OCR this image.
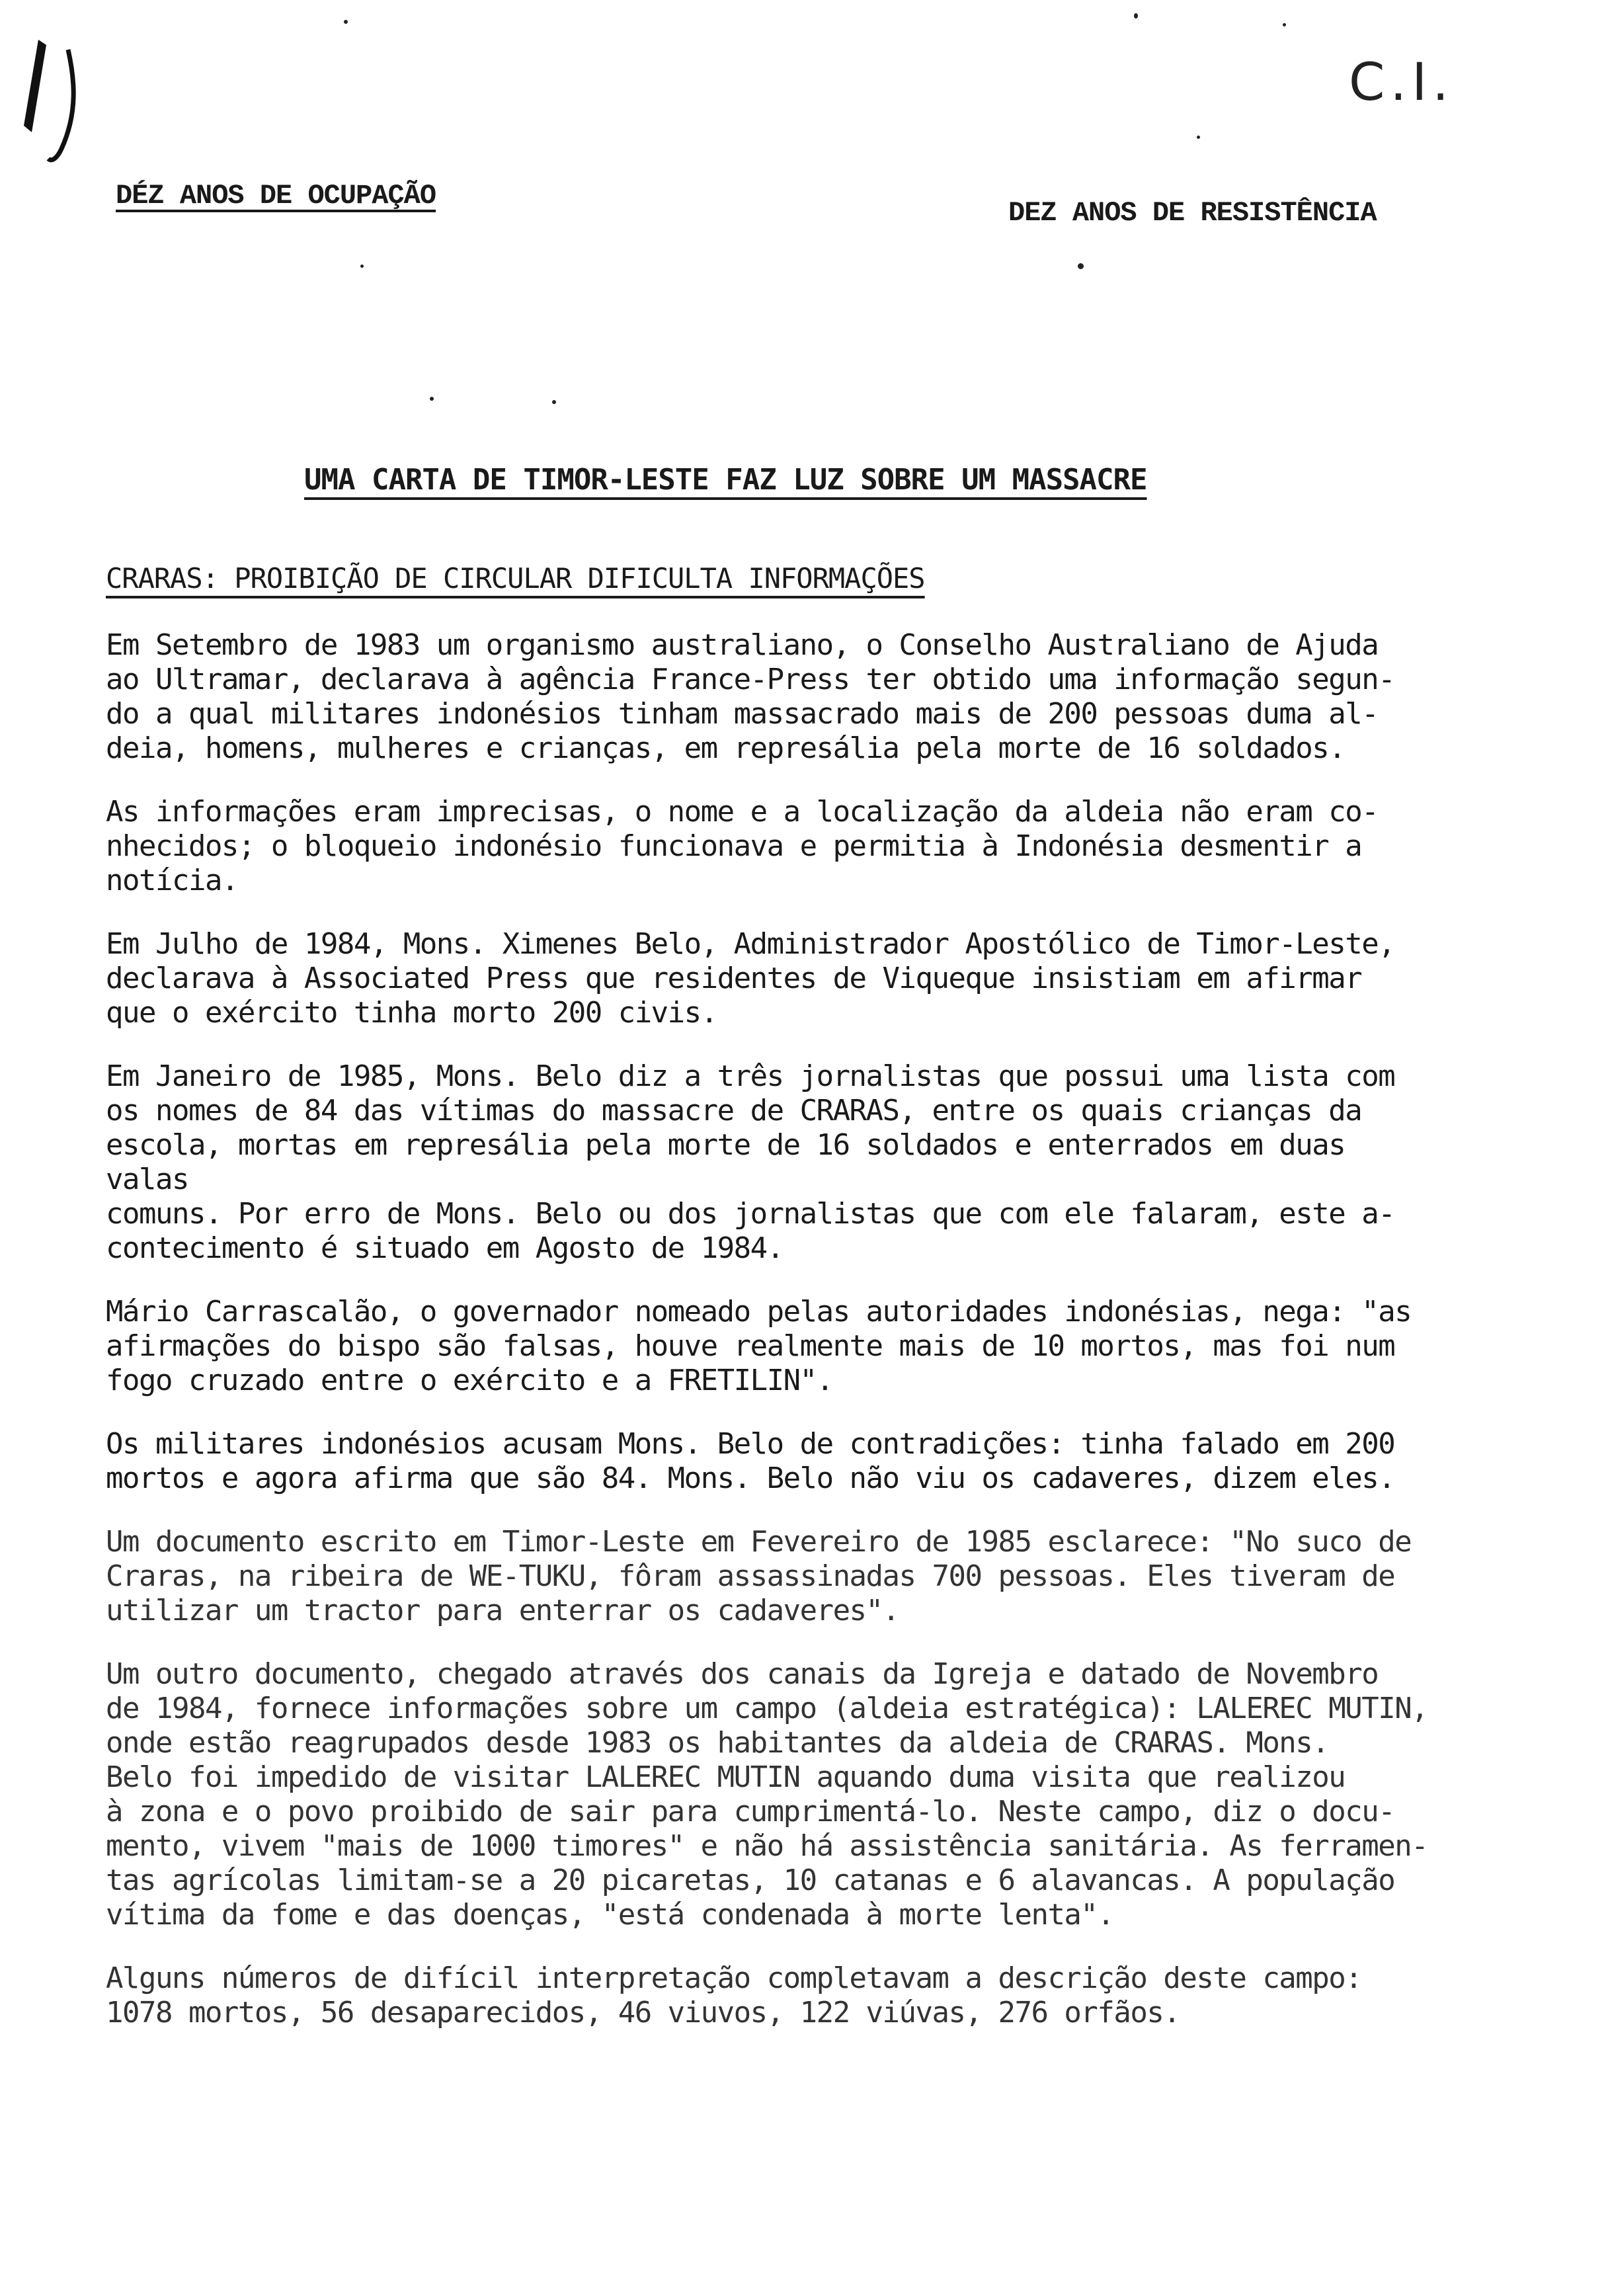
C.I.
DÉZ ANOS DE OCUPAÇÃO
DEZ ANOS DE RESISTÊNCIA
UMA CARTA DE TIMOR-LESTE FAZ LUZ SOBRE UM MASSACRE
CRARAS: PROIBIÇÃO DE CIRCULAR DIFICULTA INFORMAÇÕES

Em Setembro de 1983 um organismo australiano, o Conselho Australiano de Ajuda
ao Ultramar, declarava à agência France-Press ter obtido uma informação segun-
do a qual militares indonésios tinham massacrado mais de 200 pessoas duma al-
deia, homens, mulheres e crianças, em represália pela morte de 16 soldados.

As informações eram imprecisas, o nome e a localização da aldeia não eram co-
nhecidos; o bloqueio indonésio funcionava e permitia à Indonésia desmentir a
notícia.

Em Julho de 1984, Mons. Ximenes Belo, Administrador Apostólico de Timor-Leste,
declarava à Associated Press que residentes de Viqueque insistiam em afirmar
que o exército tinha morto 200 civis.

Em Janeiro de 1985, Mons. Belo diz a três jornalistas que possui uma lista com
os nomes de 84 das vítimas do massacre de CRARAS, entre os quais crianças da
escola, mortas em represália pela morte de 16 soldados e enterrados em duas valas
comuns. Por erro de Mons. Belo ou dos jornalistas que com ele falaram, este a-
contecimento é situado em Agosto de 1984.

Mário Carrascalão, o governador nomeado pelas autoridades indonésias, nega: "as
afirmações do bispo são falsas, houve realmente mais de 10 mortos, mas foi num
fogo cruzado entre o exército e a FRETILIN".

Os militares indonésios acusam Mons. Belo de contradições: tinha falado em 200
mortos e agora afirma que são 84. Mons. Belo não viu os cadaveres, dizem eles.

Um documento escrito em Timor-Leste em Fevereiro de 1985 esclarece: "No suco de
Craras, na ribeira de WE-TUKU, fôram assassinadas 700 pessoas. Eles tiveram de
utilizar um tractor para enterrar os cadaveres".

Um outro documento, chegado através dos canais da Igreja e datado de Novembro
de 1984, fornece informações sobre um campo (aldeia estratégica): LALEREC MUTIN,
onde estão reagrupados desde 1983 os habitantes da aldeia de CRARAS. Mons.
Belo foi impedido de visitar LALEREC MUTIN aquando duma visita que realizou
à zona e o povo proibido de sair para cumprimentá-lo. Neste campo, diz o docu-
mento, vivem "mais de 1000 timores" e não há assistência sanitária. As ferramen-
tas agrícolas limitam-se a 20 picaretas, 10 catanas e 6 alavancas. A população
vítima da fome e das doenças, "está condenada à morte lenta".

Alguns números de difícil interpretação completavam a descrição deste campo:
1078 mortos, 56 desaparecidos, 46 viuvos, 122 viúvas, 276 orfãos.
